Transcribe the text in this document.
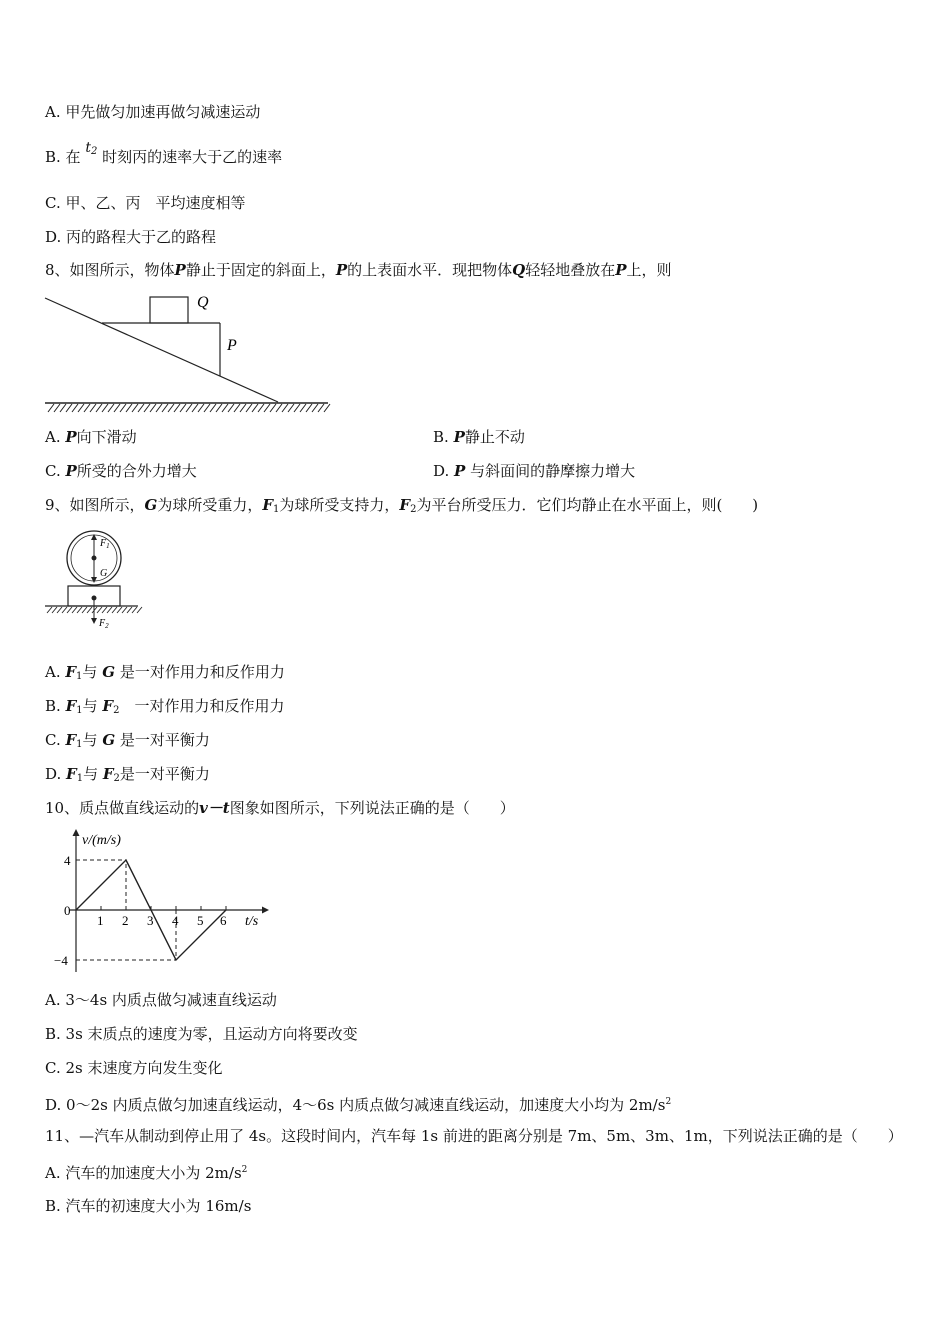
A. 甲先做匀加速再做匀减速运动
B. 在 $t_2$ 时刻丙的速率大于乙的速率
C. 甲、乙、丙　平均速度相等
D. 丙的路程大于乙的路程
8、如图所示，物体P静止于固定的斜面上，P的上表面水平．现把物体Q轻轻地叠放在P上，则
Q
P
A. P向下滑动	B. P静止不动
C. P所受的合外力增大	D. P 与斜面间的静摩擦力增大
9、如图所示，G为球所受重力，$F_1$为球所受支持力，$F_2$为平台所受压力．它们均静止在水平面上，则(　　)
$F_1$
G
$F_2$
A. $F_1$与 G 是一对作用力和反作用力
B. $F_1$与 $F_2$　一对作用力和反作用力
C. $F_1$与 G 是一对平衡力
D. $F_1$与 $F_2$是一对平衡力
10、质点做直线运动的v－t图象如图所示，下列说法正确的是（　　）
v/(m/s)
t/s
1 2 3 4 5 6
4
0
−4
A. 3～4s 内质点做匀减速直线运动
B. 3s 末质点的速度为零，且运动方向将要改变
C. 2s 末速度方向发生变化
D. 0～2s 内质点做匀加速直线运动，4～6s 内质点做匀减速直线运动，加速度大小均为 $2m/s^2$
11、—汽车从制动到停止用了 4s。这段时间内，汽车每 1s 前进的距离分别是 7m、5m、3m、1m，下列说法正确的是（　　）
A. 汽车的加速度大小为 $2m/s^2$
B. 汽车的初速度大小为 16m/s
